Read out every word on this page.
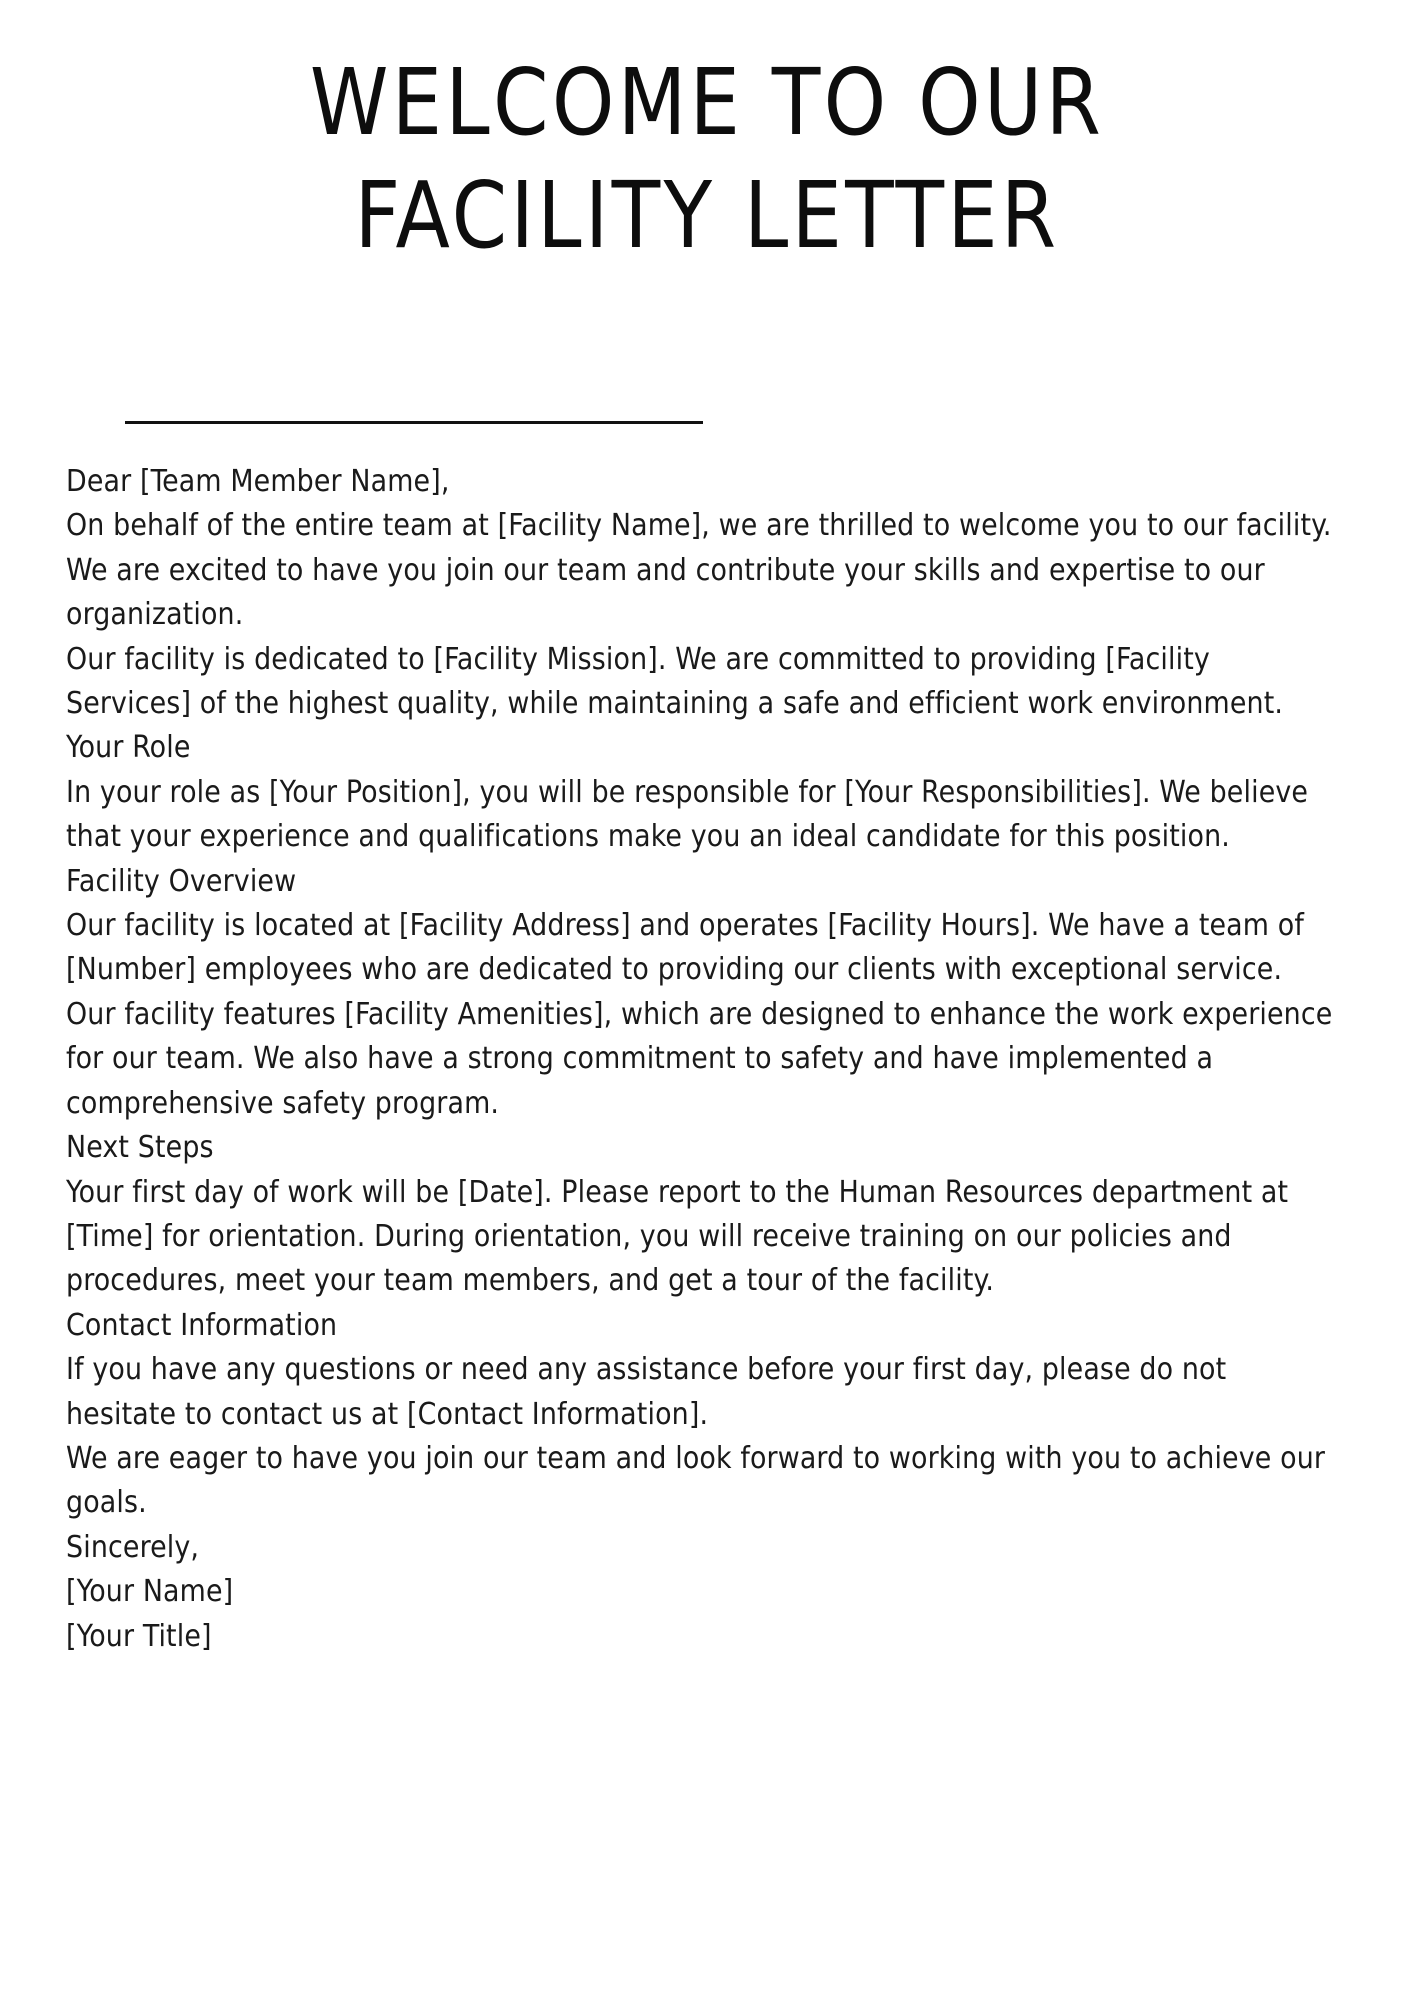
WELCOME TO OUR
FACILITY LETTER
Dear [Team Member Name],
On behalf of the entire team at [Facility Name], we are thrilled to welcome you to our facility.
We are excited to have you join our team and contribute your skills and expertise to our
organization.
Our facility is dedicated to [Facility Mission]. We are committed to providing [Facility
Services] of the highest quality, while maintaining a safe and efficient work environment.
Your Role
In your role as [Your Position], you will be responsible for [Your Responsibilities]. We believe
that your experience and qualifications make you an ideal candidate for this position.
Facility Overview
Our facility is located at [Facility Address] and operates [Facility Hours]. We have a team of
[Number] employees who are dedicated to providing our clients with exceptional service.
Our facility features [Facility Amenities], which are designed to enhance the work experience
for our team. We also have a strong commitment to safety and have implemented a
comprehensive safety program.
Next Steps
Your first day of work will be [Date]. Please report to the Human Resources department at
[Time] for orientation. During orientation, you will receive training on our policies and
procedures, meet your team members, and get a tour of the facility.
Contact Information
If you have any questions or need any assistance before your first day, please do not
hesitate to contact us at [Contact Information].
We are eager to have you join our team and look forward to working with you to achieve our
goals.
Sincerely,
[Your Name]
[Your Title]
